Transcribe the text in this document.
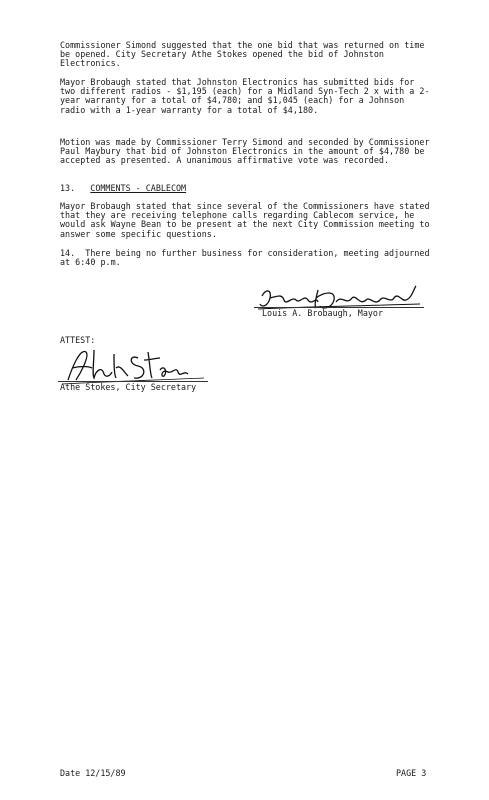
Commissioner Simond suggested that the one bid that was returned on time be opened. City Secretary Athe Stokes opened the bid of Johnston Electronics.
Mayor Brobaugh stated that Johnston Electronics has submitted bids for two different radios - $1,195 (each) for a Midland Syn-Tech 2 x with a 2-year warranty for a total of $4,780; and $1,045 (each) for a Johnson radio with a 1-year warranty for a total of $4,180.
Motion was made by Commissioner Terry Simond and seconded by Commissioner Paul Maybury that bid of Johnston Electronics in the amount of $4,780 be accepted as presented. A unanimous affirmative vote was recorded.
13. COMMENTS - CABLECOM
Mayor Brobaugh stated that since several of the Commissioners have stated that they are receiving telephone calls regarding Cablecom service, he would ask Wayne Bean to be present at the next City Commission meeting to answer some specific questions.
14.  There being no further business for consideration, meeting adjourned at 6:40 p.m.
Louis A. Brobaugh, Mayor
ATTEST:
Athe Stokes, City Secretary
Date 12/15/89	PAGE 3
